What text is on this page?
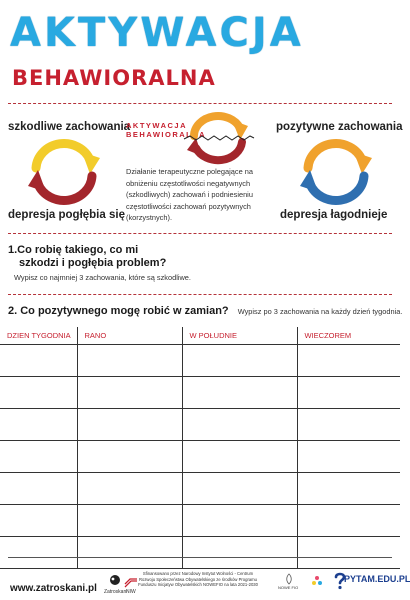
AKTYWACJA
BEHAWIORALNA
szkodliwe zachowania
depresja pogłębia się
AKTYWACJA
BEHAWIORALNA
Działanie terapeutyczne polegające na obniżeniu częstotliwości negatywnych (szkodliwych) zachowań i podniesieniu częstotliwości zachowań pozytywnych (korzystnych).
pozytywne zachowania
depresja łagodnieje
1.Co robię takiego, co mi
szkodzi i pogłębia problem?
Wypisz co najmniej 3 zachowania, które są szkodliwe.
2. Co pozytywnego mogę robić w zamian? Wypisz po 3 zachowania na każdy dzień tygodnia.
DZIEN TYGODNIA	RANO	W POŁUDNIE	WIECZOREM

www.zatroskani.pl Zatroskani
NIW
Sfinansowano przez Narodowy Instytut Wolności - Centrum Rozwoju Społeczeństwa Obywatelskiego ze środków Programu Funduszu Inicjatyw Obywatelskich NOWEFIO na lata 2021-2030
NOWE FIO
PYTAM.EDU.PL
